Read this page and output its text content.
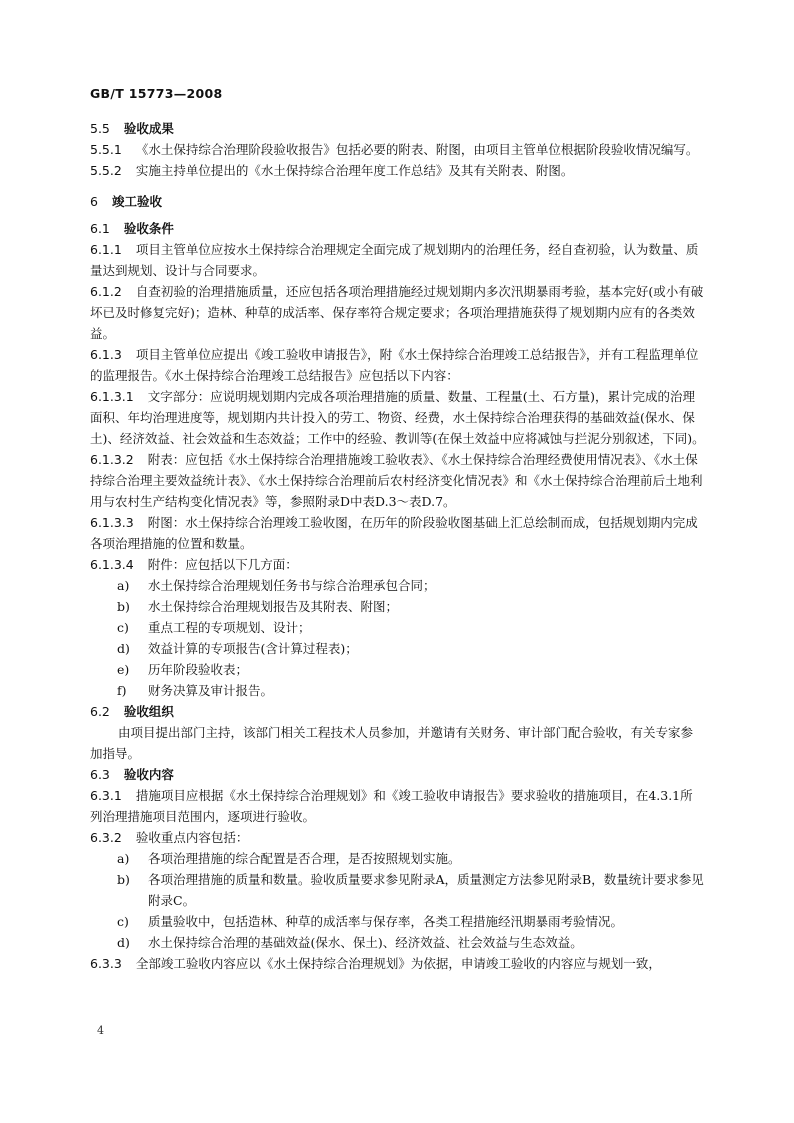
GB/T 15773—2008

5.5 验收成果

5.5.1 《水土保持综合治理阶段验收报告》包括必要的附表、附图，由项目主管单位根据阶段验收情况编写。

5.5.2 实施主持单位提出的《水土保持综合治理年度工作总结》及其有关附表、附图。

6 竣工验收

6.1 验收条件

6.1.1 项目主管单位应按水土保持综合治理规定全面完成了规划期内的治理任务，经自查初验，认为数量、质量达到规划、设计与合同要求。

6.1.2 自查初验的治理措施质量，还应包括各项治理措施经过规划期内多次汛期暴雨考验，基本完好(或小有破坏已及时修复完好)；造林、种草的成活率、保存率符合规定要求；各项治理措施获得了规划期内应有的各类效益。

6.1.3 项目主管单位应提出《竣工验收申请报告》，附《水土保持综合治理竣工总结报告》，并有工程监理单位的监理报告。《水土保持综合治理竣工总结报告》应包括以下内容：

6.1.3.1 文字部分：应说明规划期内完成各项治理措施的质量、数量、工程量(土、石方量)，累计完成的治理面积、年均治理进度等，规划期内共计投入的劳工、物资、经费，水土保持综合治理获得的基础效益(保水、保土)、经济效益、社会效益和生态效益；工作中的经验、教训等(在保土效益中应将减蚀与拦泥分别叙述，下同)。

6.1.3.2 附表：应包括《水土保持综合治理措施竣工验收表》、《水土保持综合治理经费使用情况表》、《水土保持综合治理主要效益统计表》、《水土保持综合治理前后农村经济变化情况表》和《水土保持综合治理前后土地利用与农村生产结构变化情况表》等，参照附录D中表D.3～表D.7。

6.1.3.3 附图：水土保持综合治理竣工验收图，在历年的阶段验收图基础上汇总绘制而成，包括规划期内完成各项治理措施的位置和数量。

6.1.3.4 附件：应包括以下几方面：

a) 水土保持综合治理规划任务书与综合治理承包合同；

b) 水土保持综合治理规划报告及其附表、附图；

c) 重点工程的专项规划、设计；

d) 效益计算的专项报告(含计算过程表)；

e) 历年阶段验收表；

f) 财务决算及审计报告。

6.2 验收组织

由项目提出部门主持，该部门相关工程技术人员参加，并邀请有关财务、审计部门配合验收，有关专家参加指导。

6.3 验收内容

6.3.1 措施项目应根据《水土保持综合治理规划》和《竣工验收申请报告》要求验收的措施项目，在4.3.1所列治理措施项目范围内，逐项进行验收。

6.3.2 验收重点内容包括：

a) 各项治理措施的综合配置是否合理，是否按照规划实施。

b) 各项治理措施的质量和数量。验收质量要求参见附录A，质量测定方法参见附录B，数量统计要求参见附录C。

c) 质量验收中，包括造林、种草的成活率与保存率，各类工程措施经汛期暴雨考验情况。

d) 水土保持综合治理的基础效益(保水、保土)、经济效益、社会效益与生态效益。

6.3.3 全部竣工验收内容应以《水土保持综合治理规划》为依据，申请竣工验收的内容应与规划一致，

4
